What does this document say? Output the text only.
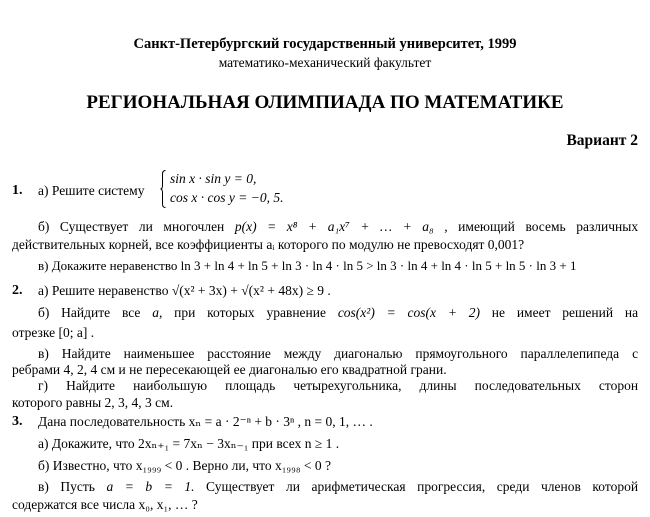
Санкт-Петербургский государственный университет, 1999
математико-механический факультет
РЕГИОНАЛЬНАЯ ОЛИМПИАДА ПО МАТЕМАТИКЕ
Вариант 2
1. а) Решите систему
sin x · sin y = 0,
cos x · cos y = −0, 5.
б) Существует ли многочлен p(x) = x⁸ + a₁x⁷ + … + a₈ , имеющий восемь различных
действительных корней, все коэффициенты aᵢ которого по модулю не превосходят 0,001?
в) Докажите неравенство ln 3 + ln 4 + ln 5 + ln 3 · ln 4 · ln 5 > ln 3 · ln 4 + ln 4 · ln 5 + ln 5 · ln 3 + 1
2. а) Решите неравенство √(x² + 3x) + √(x² + 48x) ≥ 9 .
б) Найдите все a, при которых уравнение cos(x²) = cos(x + 2) не имеет решений на
отрезке [0; a] .
в) Найдите наименьшее расстояние между диагональю прямоугольного параллелепипеда с
ребрами 4, 2, 4 см и не пересекающей ее диагональю его квадратной грани.
г) Найдите наибольшую площадь четырехугольника, длины последовательных сторон
которого равны 2, 3, 4, 3 см.
3. Дана последовательность xₙ = a · 2⁻ⁿ + b · 3ⁿ , n = 0, 1, … .
а) Докажите, что 2xₙ₊₁ = 7xₙ − 3xₙ₋₁ при всех n ≥ 1 .
б) Известно, что x₁₉₉₉ < 0 . Верно ли, что x₁₉₉₈ < 0 ?
в) Пусть a = b = 1. Существует ли арифметическая прогрессия, среди членов которой
содержатся все числа x₀, x₁, … ?
